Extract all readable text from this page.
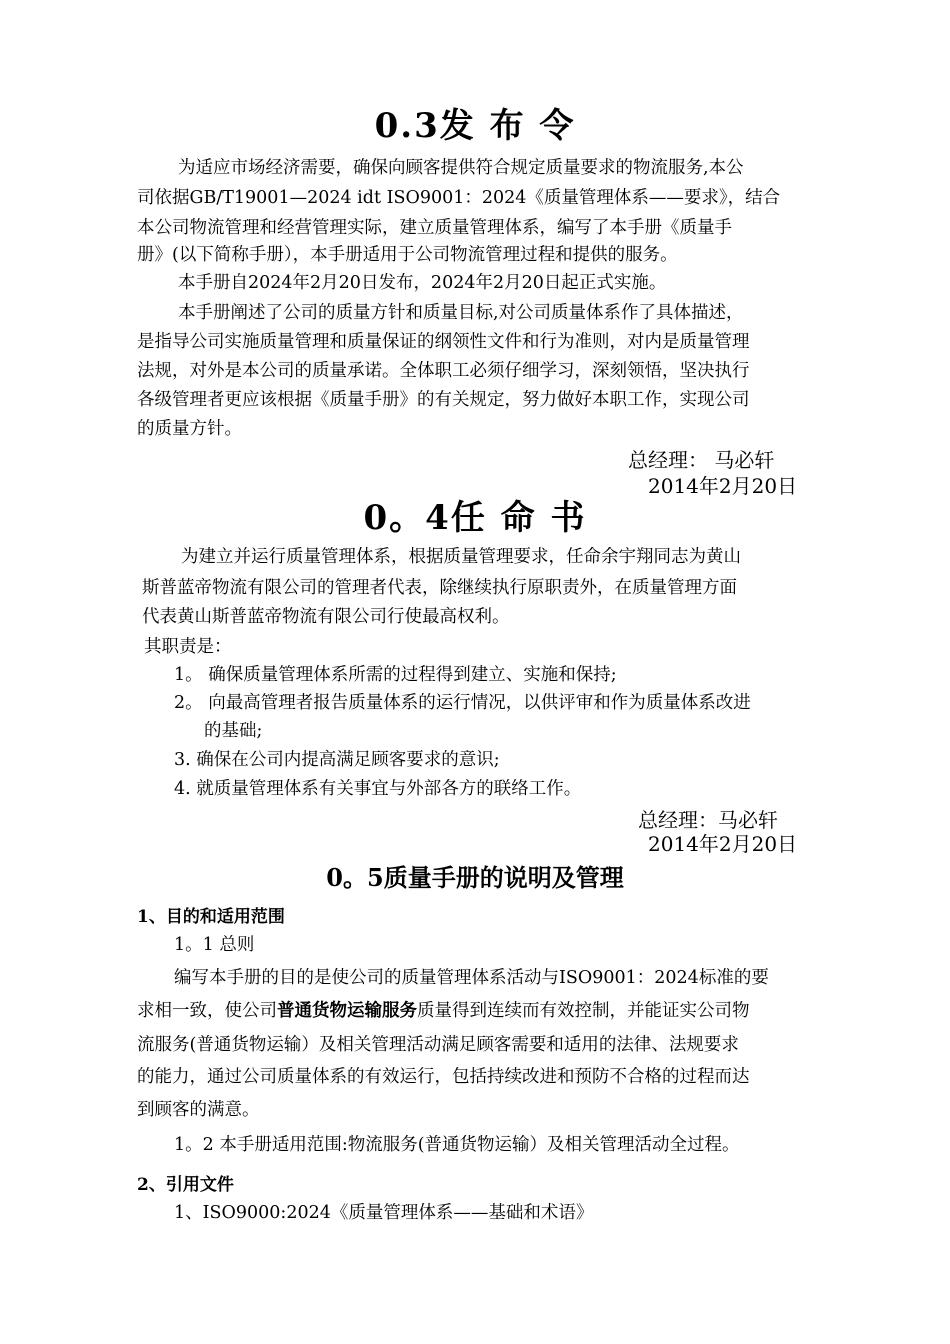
0.3发 布 令
为适应市场经济需要，确保向顾客提供符合规定质量要求的物流服务,本公
司依据GB/T19001—2024 idt ISO9001：2024《质量管理体系——要求》，结合
本公司物流管理和经营管理实际，建立质量管理体系，编写了本手册《质量手
册》(以下简称手册），本手册适用于公司物流管理过程和提供的服务。
本手册自2024年2月20日发布，2024年2月20日起正式实施。
本手册阐述了公司的质量方针和质量目标,对公司质量体系作了具体描述，
是指导公司实施质量管理和质量保证的纲领性文件和行为准则，对内是质量管理
法规，对外是本公司的质量承诺。全体职工必须仔细学习，深刻领悟，坚决执行
各级管理者更应该根据《质量手册》的有关规定，努力做好本职工作，实现公司
的质量方针。
总经理： 马必轩
2014年2月20日
0。4任 命 书
为建立并运行质量管理体系，根据质量管理要求，任命余宇翔同志为黄山
斯普蓝帝物流有限公司的管理者代表，除继续执行原职责外，在质量管理方面
代表黄山斯普蓝帝物流有限公司行使最高权利。
其职责是：
1。 确保质量管理体系所需的过程得到建立、实施和保持;
2。 向最高管理者报告质量体系的运行情况，以供评审和作为质量体系改进
的基础;
3. 确保在公司内提高满足顾客要求的意识;
4. 就质量管理体系有关事宜与外部各方的联络工作。
总经理：马必轩
2014年2月20日
0。5质量手册的说明及管理
1、目的和适用范围
1。1 总则
编写本手册的目的是使公司的质量管理体系活动与ISO9001：2024标准的要
求相一致，使公司普通货物运输服务质量得到连续而有效控制，并能证实公司物
流服务(普通货物运输）及相关管理活动满足顾客需要和适用的法律、法规要求
的能力，通过公司质量体系的有效运行，包括持续改进和预防不合格的过程而达
到顾客的满意。
1。2 本手册适用范围:物流服务(普通货物运输）及相关管理活动全过程。
2、引用文件
1、ISO9000:2024《质量管理体系——基础和术语》
